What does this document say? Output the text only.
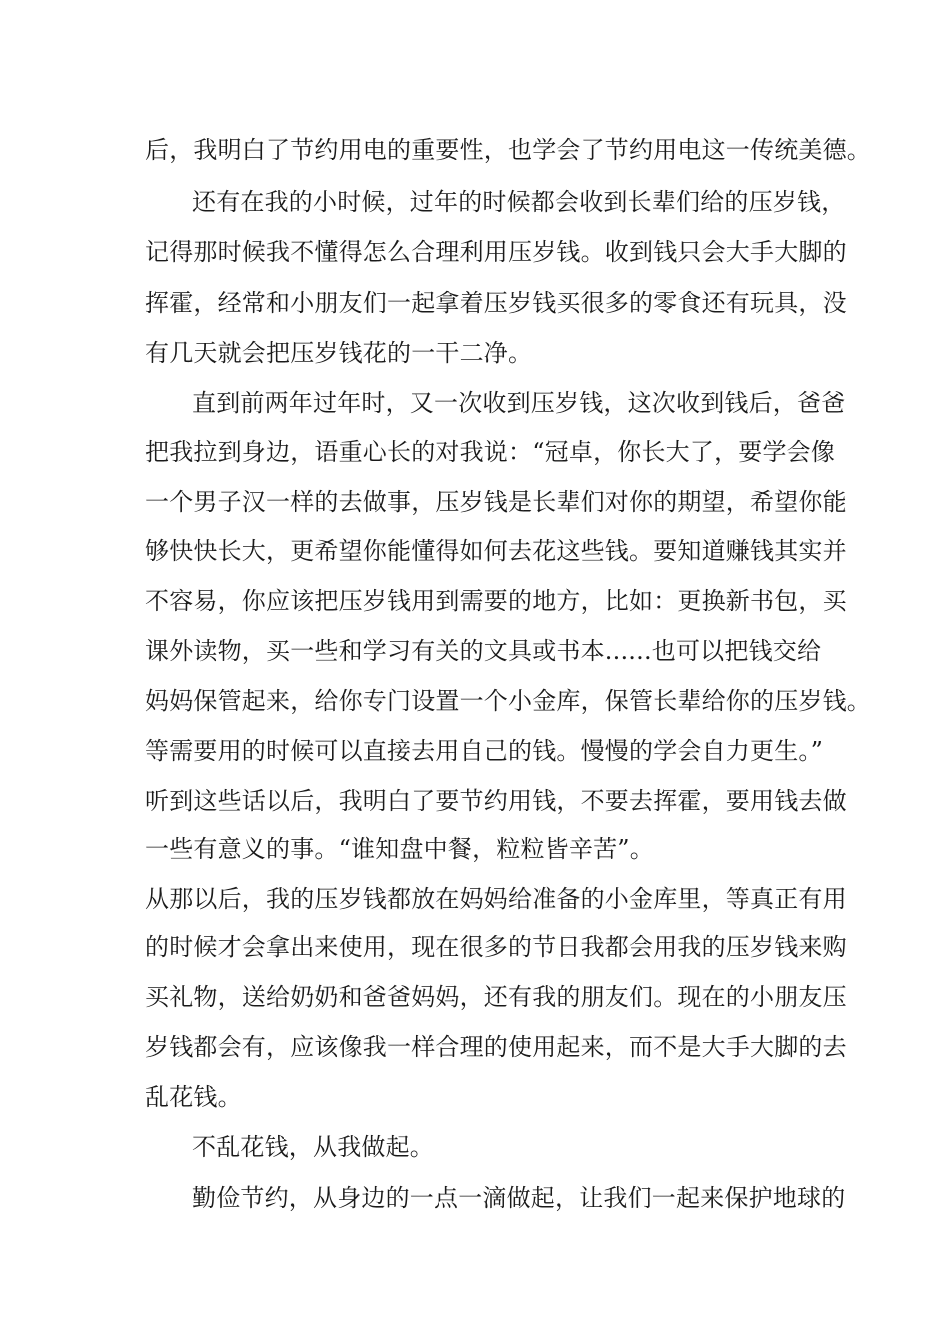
后，我明白了节约用电的重要性，也学会了节约用电这一传统美德。
还有在我的小时候，过年的时候都会收到长辈们给的压岁钱，
记得那时候我不懂得怎么合理利用压岁钱。收到钱只会大手大脚的
挥霍，经常和小朋友们一起拿着压岁钱买很多的零食还有玩具，没
有几天就会把压岁钱花的一干二净。
直到前两年过年时，又一次收到压岁钱，这次收到钱后，爸爸
把我拉到身边，语重心长的对我说：“冠卓，你长大了，要学会像
一个男子汉一样的去做事，压岁钱是长辈们对你的期望，希望你能
够快快长大，更希望你能懂得如何去花这些钱。要知道赚钱其实并
不容易，你应该把压岁钱用到需要的地方，比如：更换新书包，买
课外读物，买一些和学习有关的文具或书本......也可以把钱交给
妈妈保管起来，给你专门设置一个小金库，保管长辈给你的压岁钱。
等需要用的时候可以直接去用自己的钱。慢慢的学会自力更生。”
听到这些话以后，我明白了要节约用钱，不要去挥霍，要用钱去做
一些有意义的事。“谁知盘中餐，粒粒皆辛苦”。
从那以后，我的压岁钱都放在妈妈给准备的小金库里，等真正有用
的时候才会拿出来使用，现在很多的节日我都会用我的压岁钱来购
买礼物，送给奶奶和爸爸妈妈，还有我的朋友们。现在的小朋友压
岁钱都会有，应该像我一样合理的使用起来，而不是大手大脚的去
乱花钱。
不乱花钱，从我做起。
勤俭节约，从身边的一点一滴做起，让我们一起来保护地球的
